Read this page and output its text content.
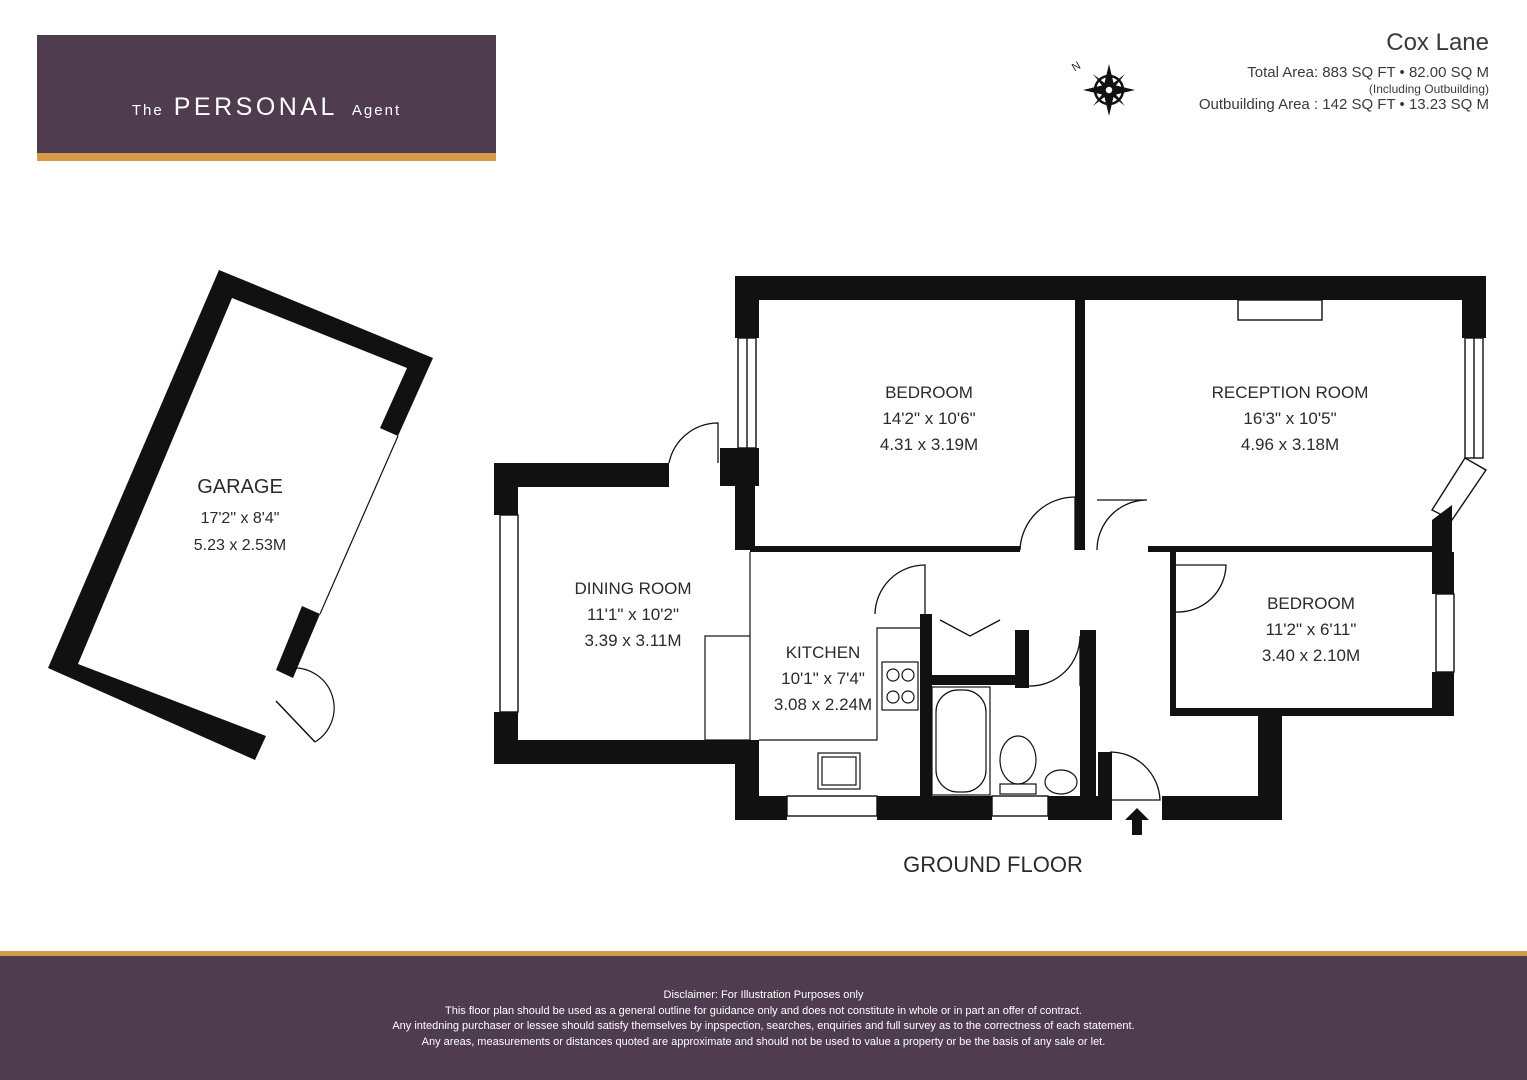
The PERSONAL Agent
N
Cox Lane
Total Area: 883 SQ FT • 82.00 SQ M
(Including Outbuilding)
Outbuilding Area : 142 SQ FT • 13.23 SQ M
GARAGE
17'2" x 8'4"
5.23 x 2.53M
BEDROOM
14'2" x 10'6"
4.31 x 3.19M
RECEPTION ROOM
16'3" x 10'5"
4.96 x 3.18M
DINING ROOM
11'1" x 10'2"
3.39 x 3.11M
KITCHEN
10'1" x 7'4"
3.08 x 2.24M
BEDROOM
11'2" x 6'11"
3.40 x 2.10M
GROUND FLOOR
Disclaimer: For Illustration Purposes only
This floor plan should be used as a general outline for guidance only and does not constitute in whole or in part an offer of contract.
Any intedning purchaser or lessee should satisfy themselves by inpspection, searches, enquiries and full survey as to the correctness of each statement.
Any areas, measurements or distances quoted are approximate and should not be used to value a property or be the basis of any sale or let.
